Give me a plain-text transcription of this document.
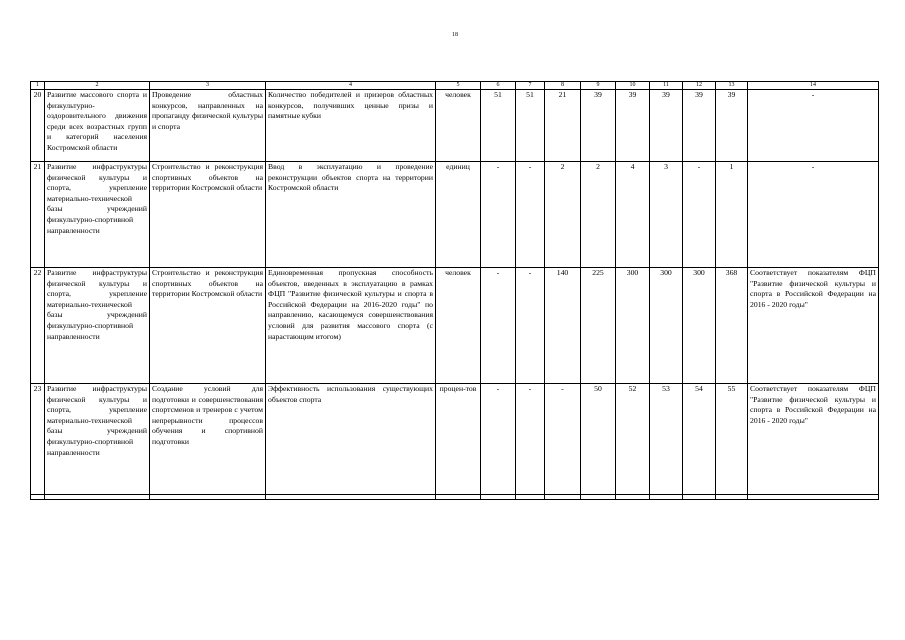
18
1	2	3	4	5	6	7	8	9	10	11	12	13	14
20	Развитие массового спорта и физкультурно-оздоровительного движения среди всех возрастных групп и категорий населения Костромской области	Проведение областных конкурсов, направленных на пропаганду физической культуры и спорта	Количество победителей и призеров областных конкурсов, получивших ценные призы и памятные кубки	человек	51	51	21	39	39	39	39	39	-
21	Развитие инфраструктуры физической культуры и спорта, укрепление материально-технической базы учреждений физкультурно-спортивной направленности	Строительство и реконструкция спортивных объектов на территории Костромской области	Ввод в эксплуатацию и проведение реконструкции объектов спорта на территории Костромской области	единиц	-	-	2	2	4	3	-	1	-
22	Развитие инфраструктуры физической культуры и спорта, укрепление материально-технической базы учреждений физкультурно-спортивной направленности	Строительство и реконструкция спортивных объектов на территории Костромской области	Единовременная пропускная способность объектов, введенных в эксплуатацию в рамках ФЦП "Развитие физической культуры и спорта в Российской Федерации на 2016-2020 годы" по направлению, касающемуся совершенствования условий для развития массового спорта (с нарастающим итогом)	человек	-	-	140	225	300	300	300	368	Соответствует показателям ФЦП "Развитие физической культуры и спорта в Российской Федерации на 2016 - 2020 годы"
23	Развитие инфраструктуры физической культуры и спорта, укрепление материально-технической базы учреждений физкультурно-спортивной направленности	Создание условий для подготовки и совершенствования спортсменов и тренеров с учетом непрерывности процессов обучения и спортивной подготовки	Эффективность использования существующих объектов спорта	процен-тов	-	-	-	50	52	53	54	55	Соответствует показателям ФЦП "Развитие физической культуры и спорта в Российской Федерации на 2016 - 2020 годы"
